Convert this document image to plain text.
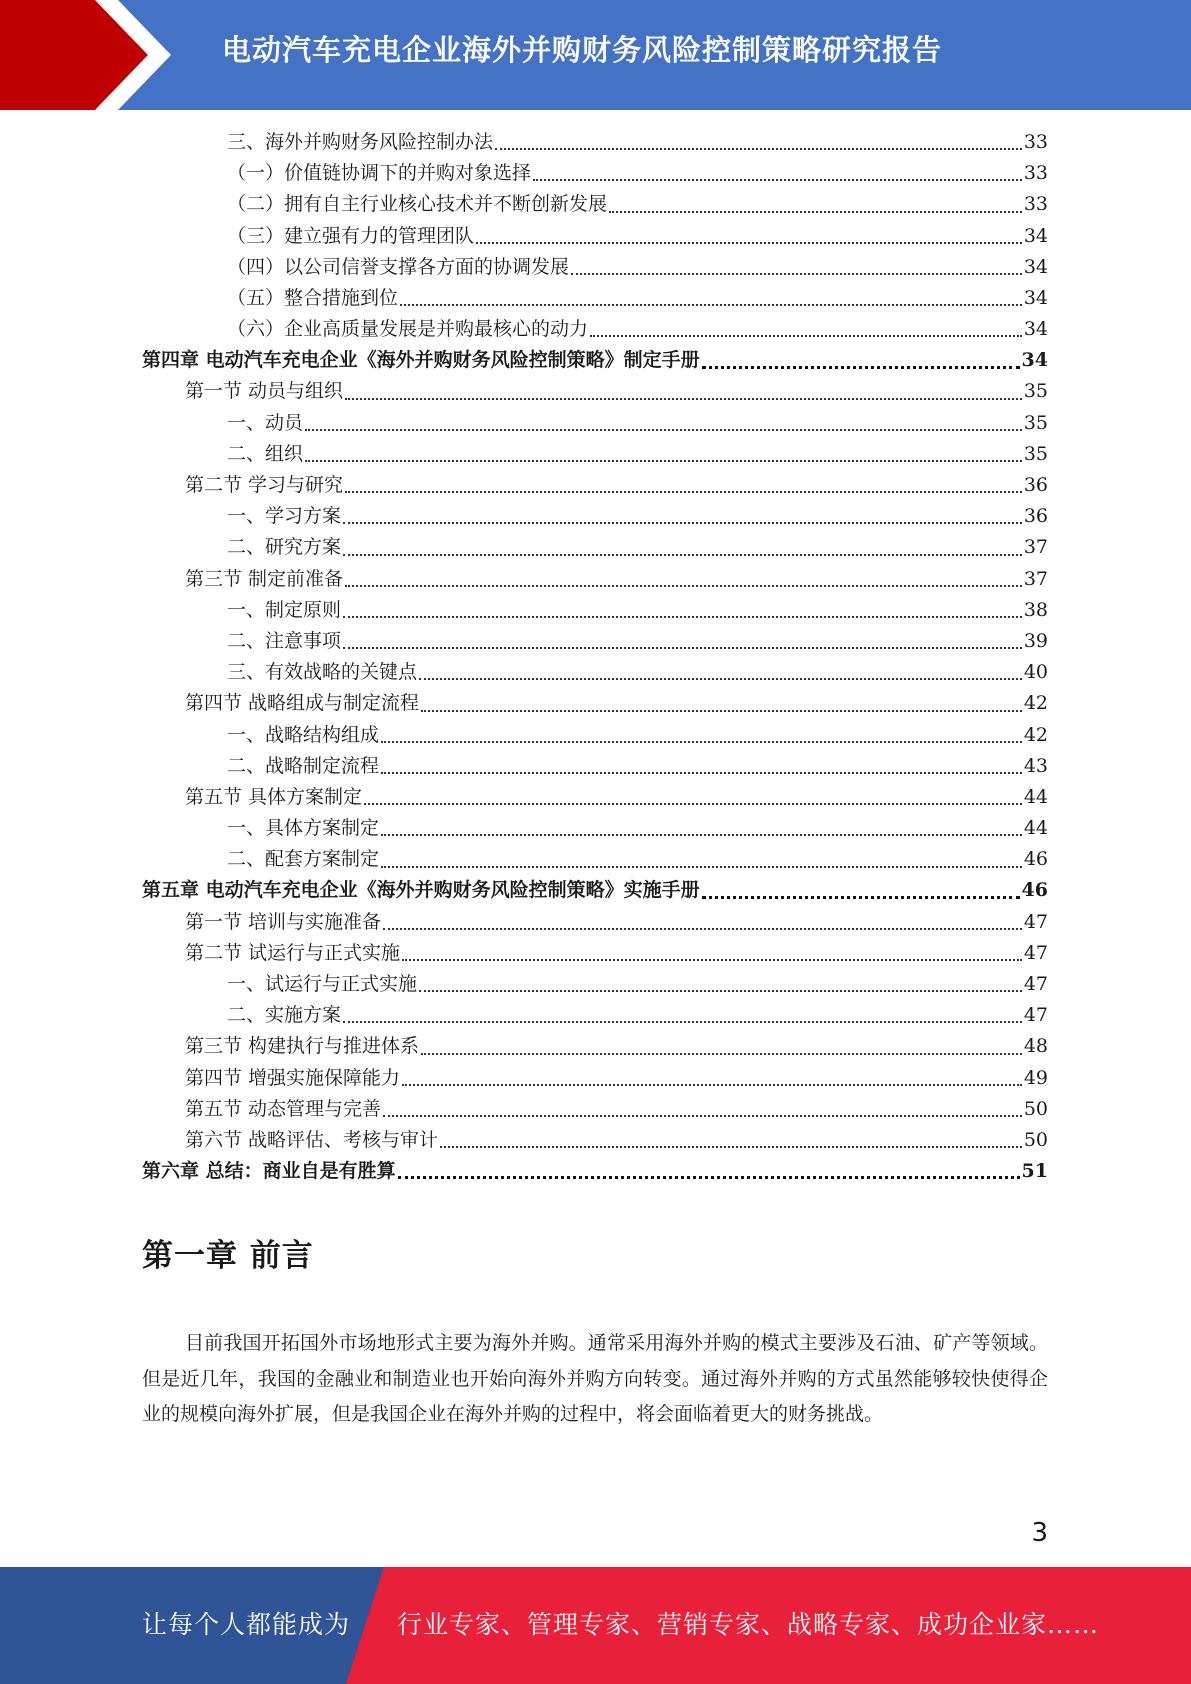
电动汽车充电企业海外并购财务风险控制策略研究报告
三、海外并购财务风险控制办法	33
（一）价值链协调下的并购对象选择	33
（二）拥有自主行业核心技术并不断创新发展	33
（三）建立强有力的管理团队	34
（四）以公司信誉支撑各方面的协调发展	34
（五）整合措施到位	34
（六）企业高质量发展是并购最核心的动力	34
第四章 电动汽车充电企业《海外并购财务风险控制策略》制定手册	34
第一节 动员与组织	35
一、动员	35
二、组织	35
第二节 学习与研究	36
一、学习方案	36
二、研究方案	37
第三节 制定前准备	37
一、制定原则	38
二、注意事项	39
三、有效战略的关键点	40
第四节 战略组成与制定流程	42
一、战略结构组成	42
二、战略制定流程	43
第五节 具体方案制定	44
一、具体方案制定	44
二、配套方案制定	46
第五章 电动汽车充电企业《海外并购财务风险控制策略》实施手册	46
第一节 培训与实施准备	47
第二节 试运行与正式实施	47
一、试运行与正式实施	47
二、实施方案	47
第三节 构建执行与推进体系	48
第四节 增强实施保障能力	49
第五节 动态管理与完善	50
第六节 战略评估、考核与审计	50
第六章 总结：商业自是有胜算	51
第一章 前言

目前我国开拓国外市场地形式主要为海外并购。通常采用海外并购的模式主要涉及石油、矿产等领域。但是近几年，我国的金融业和制造业也开始向海外并购方向转变。通过海外并购的方式虽然能够较快使得企业的规模向海外扩展，但是我国企业在海外并购的过程中，将会面临着更大的财务挑战。

3
让每个人都能成为 行业专家、管理专家、营销专家、战略专家、成功企业家……
